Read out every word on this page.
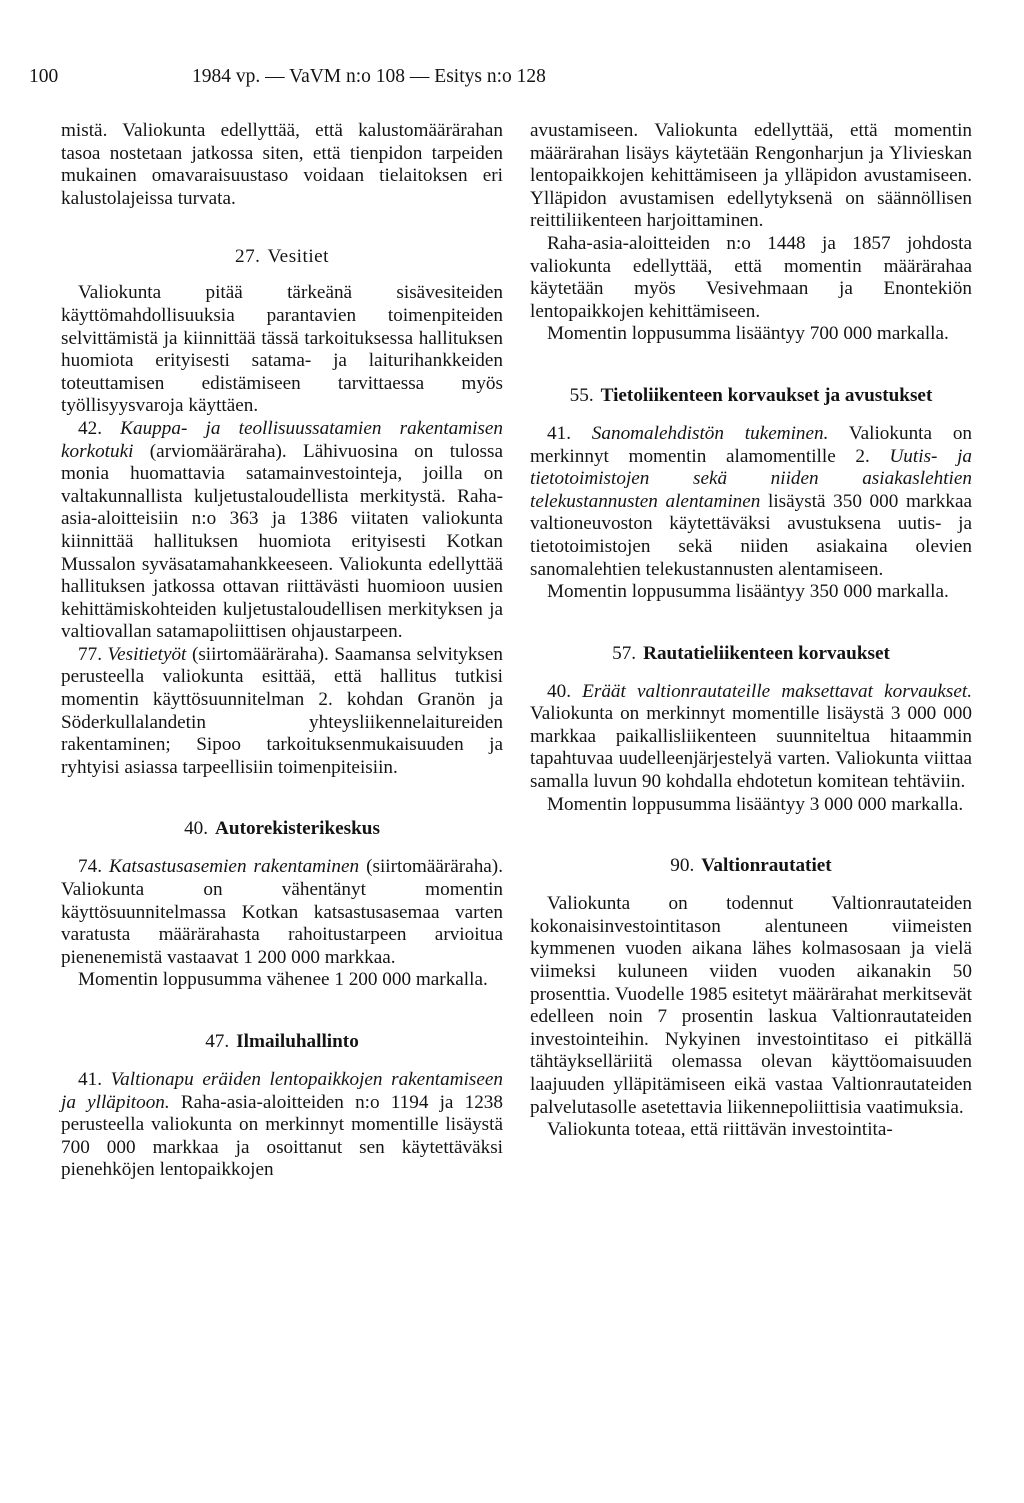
100	1984 vp. — VaVM n:o 108 — Esitys n:o 128

mistä. Valiokunta edellyttää, että kalustomäärärahan tasoa nostetaan jatkossa siten, että tienpidon tarpeiden mukainen omavaraisuustaso voidaan tielaitoksen eri kalustolajeissa turvata.

27. Vesitiet

Valiokunta pitää tärkeänä sisävesiteiden käyttömahdollisuuksia parantavien toimenpiteiden selvittämistä ja kiinnittää tässä tarkoituksessa hallituksen huomiota erityisesti satama- ja laiturihankkeiden toteuttamisen edistämiseen tarvittaessa myös työllisyysvaroja käyttäen.

42. Kauppa- ja teollisuussatamien rakentamisen korkotuki (arviomääräraha). Lähivuosina on tulossa monia huomattavia satamainvestointeja, joilla on valtakunnallista kuljetustaloudellista merkitystä. Raha-asia-aloitteisiin n:o 363 ja 1386 viitaten valiokunta kiinnittää hallituksen huomiota erityisesti Kotkan Mussalon syväsatamahankkeeseen. Valiokunta edellyttää hallituksen jatkossa ottavan riittävästi huomioon uusien kehittämiskohteiden kuljetustaloudellisen merkityksen ja valtiovallan satamapoliittisen ohjaustarpeen.

77. Vesitietyöt (siirtomääräraha). Saamansa selvityksen perusteella valiokunta esittää, että hallitus tutkisi momentin käyttösuunnitelman 2. kohdan Granön ja Söderkullalandetin yhteysliikennelaitureiden rakentaminen; Sipoo tarkoituksenmukaisuuden ja ryhtyisi asiassa tarpeellisiin toimenpiteisiin.

40. Autorekisterikeskus

74. Katsastusasemien rakentaminen (siirtomääräraha). Valiokunta on vähentänyt momentin käyttösuunnitelmassa Kotkan katsastusasemaa varten varatusta määrärahasta rahoitustarpeen arvioitua pienenemistä vastaavat 1 200 000 markkaa.

Momentin loppusumma vähenee 1 200 000 markalla.

47. Ilmailuhallinto

41. Valtionapu eräiden lentopaikkojen rakentamiseen ja ylläpitoon. Raha-asia-aloitteiden n:o 1194 ja 1238 perusteella valiokunta on merkinnyt momentille lisäystä 700 000 markkaa ja osoittanut sen käytettäväksi pienehköjen lentopaikkojen

avustamiseen. Valiokunta edellyttää, että momentin määrärahan lisäys käytetään Rengonharjun ja Ylivieskan lentopaikkojen kehittämiseen ja ylläpidon avustamiseen. Ylläpidon avustamisen edellytyksenä on säännöllisen reittiliikenteen harjoittaminen.

Raha-asia-aloitteiden n:o 1448 ja 1857 johdosta valiokunta edellyttää, että momentin määrärahaa käytetään myös Vesivehmaan ja Enontekiön lentopaikkojen kehittämiseen.

Momentin loppusumma lisääntyy 700 000 markalla.

55. Tietoliikenteen korvaukset ja avustukset

41. Sanomalehdistön tukeminen. Valiokunta on merkinnyt momentin alamomentille 2. Uutis- ja tietotoimistojen sekä niiden asiakaslehtien telekustannusten alentaminen lisäystä 350 000 markkaa valtioneuvoston käytettäväksi avustuksena uutis- ja tietotoimistojen sekä niiden asiakaina olevien sanomalehtien telekustannusten alentamiseen.

Momentin loppusumma lisääntyy 350 000 markalla.

57. Rautatieliikenteen korvaukset

40. Eräät valtionrautateille maksettavat korvaukset. Valiokunta on merkinnyt momentille lisäystä 3 000 000 markkaa paikallisliikenteen suunniteltua hitaammin tapahtuvaa uudelleenjärjestelyä varten. Valiokunta viittaa samalla luvun 90 kohdalla ehdotetun komitean tehtäviin.

Momentin loppusumma lisääntyy 3 000 000 markalla.

90. Valtionrautatiet

Valiokunta on todennut Valtionrautateiden kokonaisinvestointitason alentuneen viimeisten kymmenen vuoden aikana lähes kolmasosaan ja vielä viimeksi kuluneen viiden vuoden aikanakin 50 prosenttia. Vuodelle 1985 esitetyt määrärahat merkitsevät edelleen noin 7 prosentin laskua Valtionrautateiden investointeihin. Nykyinen investointitaso ei pitkällä tähtäykselläriitä olemassa olevan käyttöomaisuuden laajuuden ylläpitämiseen eikä vastaa Valtionrautateiden palvelutasolle asetettavia liikennepoliittisia vaatimuksia.

Valiokunta toteaa, että riittävän investointita-
